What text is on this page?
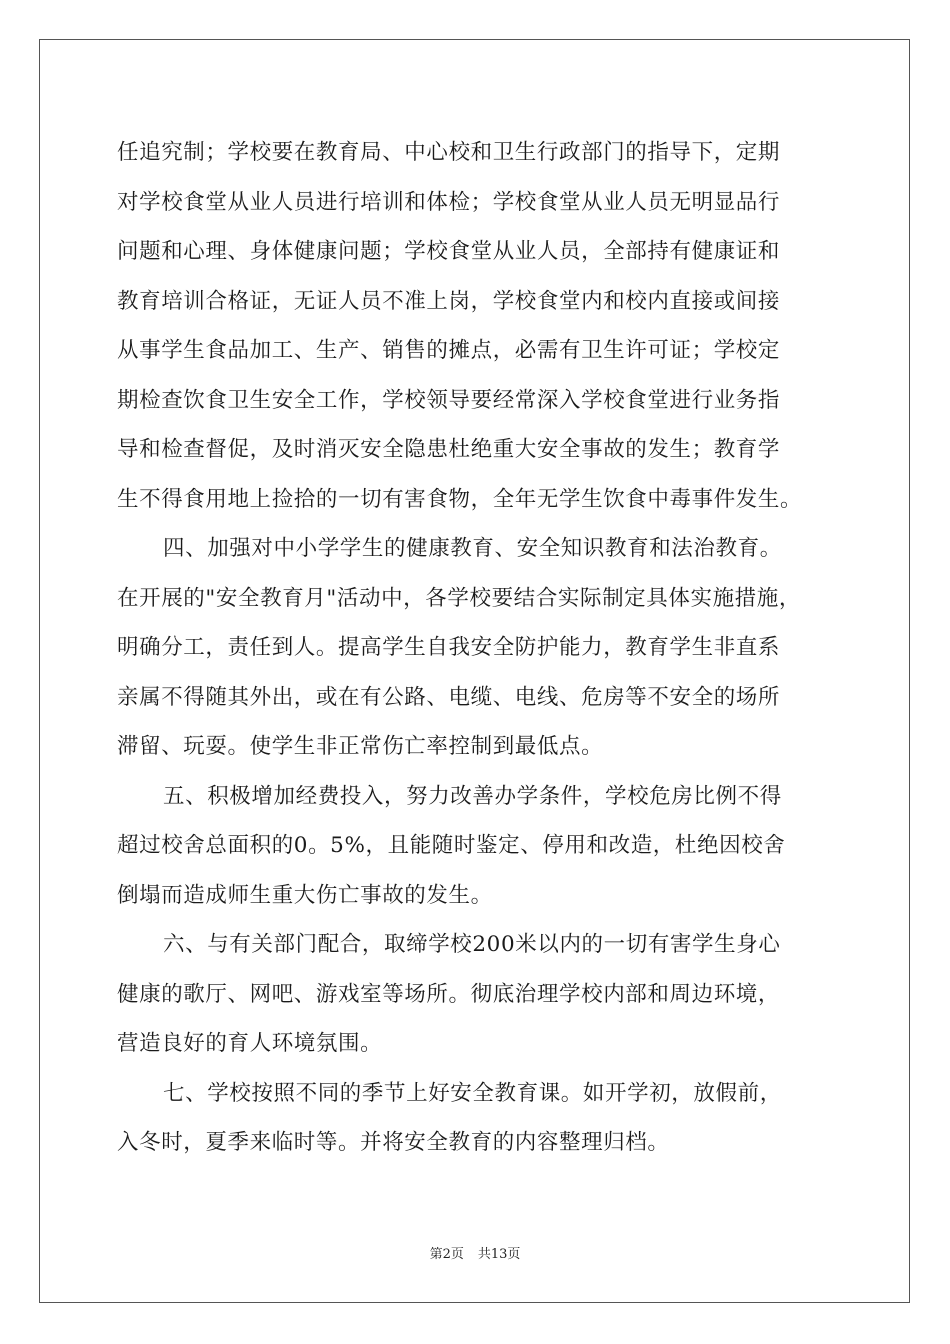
任追究制；学校要在教育局、中心校和卫生行政部门的指导下，定期
对学校食堂从业人员进行培训和体检；学校食堂从业人员无明显品行
问题和心理、身体健康问题；学校食堂从业人员，全部持有健康证和
教育培训合格证，无证人员不准上岗，学校食堂内和校内直接或间接
从事学生食品加工、生产、销售的摊点，必需有卫生许可证；学校定
期检查饮食卫生安全工作，学校领导要经常深入学校食堂进行业务指
导和检查督促，及时消灭安全隐患杜绝重大安全事故的发生；教育学
生不得食用地上捡拾的一切有害食物，全年无学生饮食中毒事件发生。
四、加强对中小学学生的健康教育、安全知识教育和法治教育。
在开展的"安全教育月"活动中，各学校要结合实际制定具体实施措施，
明确分工，责任到人。提高学生自我安全防护能力，教育学生非直系
亲属不得随其外出，或在有公路、电缆、电线、危房等不安全的场所
滞留、玩耍。使学生非正常伤亡率控制到最低点。
五、积极增加经费投入，努力改善办学条件，学校危房比例不得
超过校舍总面积的0。5%，且能随时鉴定、停用和改造，杜绝因校舍
倒塌而造成师生重大伤亡事故的发生。
六、与有关部门配合，取缔学校200米以内的一切有害学生身心
健康的歌厅、网吧、游戏室等场所。彻底治理学校内部和周边环境，
营造良好的育人环境氛围。
七、学校按照不同的季节上好安全教育课。如开学初，放假前，
入冬时，夏季来临时等。并将安全教育的内容整理归档。
第2页 共13页
